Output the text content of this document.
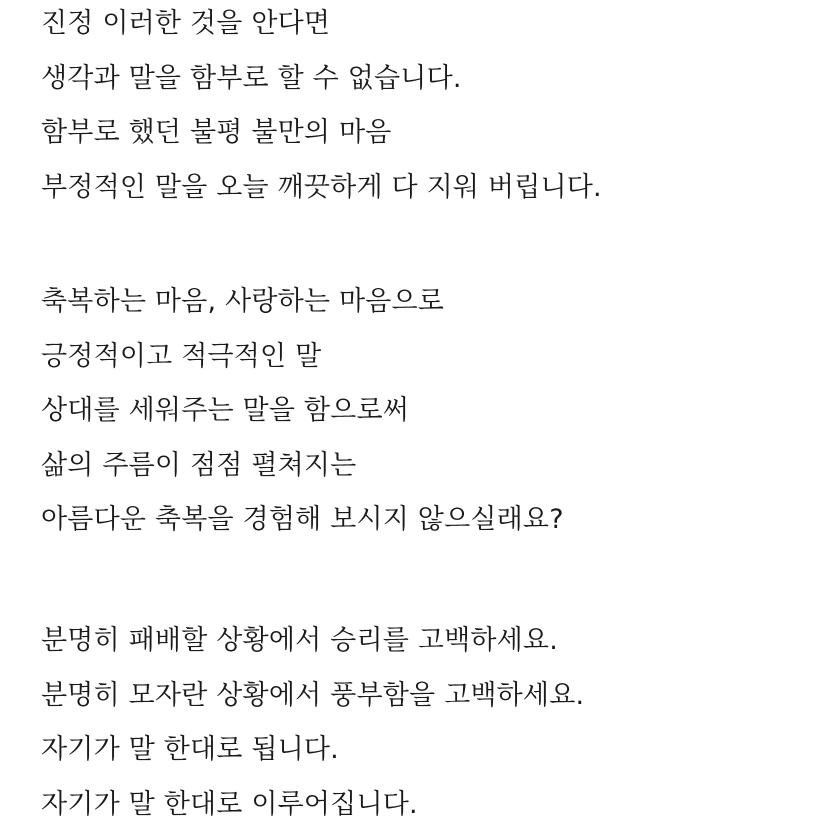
진정 이러한 것을 안다면
생각과 말을 함부로 할 수 없습니다.
함부로 했던 불평 불만의 마음
부정적인 말을 오늘 깨끗하게 다 지워 버립니다.
축복하는 마음, 사랑하는 마음으로
긍정적이고 적극적인 말
상대를 세워주는 말을 함으로써
삶의 주름이 점점 펼쳐지는
아름다운 축복을 경험해 보시지 않으실래요?
분명히 패배할 상황에서 승리를 고백하세요.
분명히 모자란 상황에서 풍부함을 고백하세요.
자기가 말 한대로 됩니다.
자기가 말 한대로 이루어집니다.
